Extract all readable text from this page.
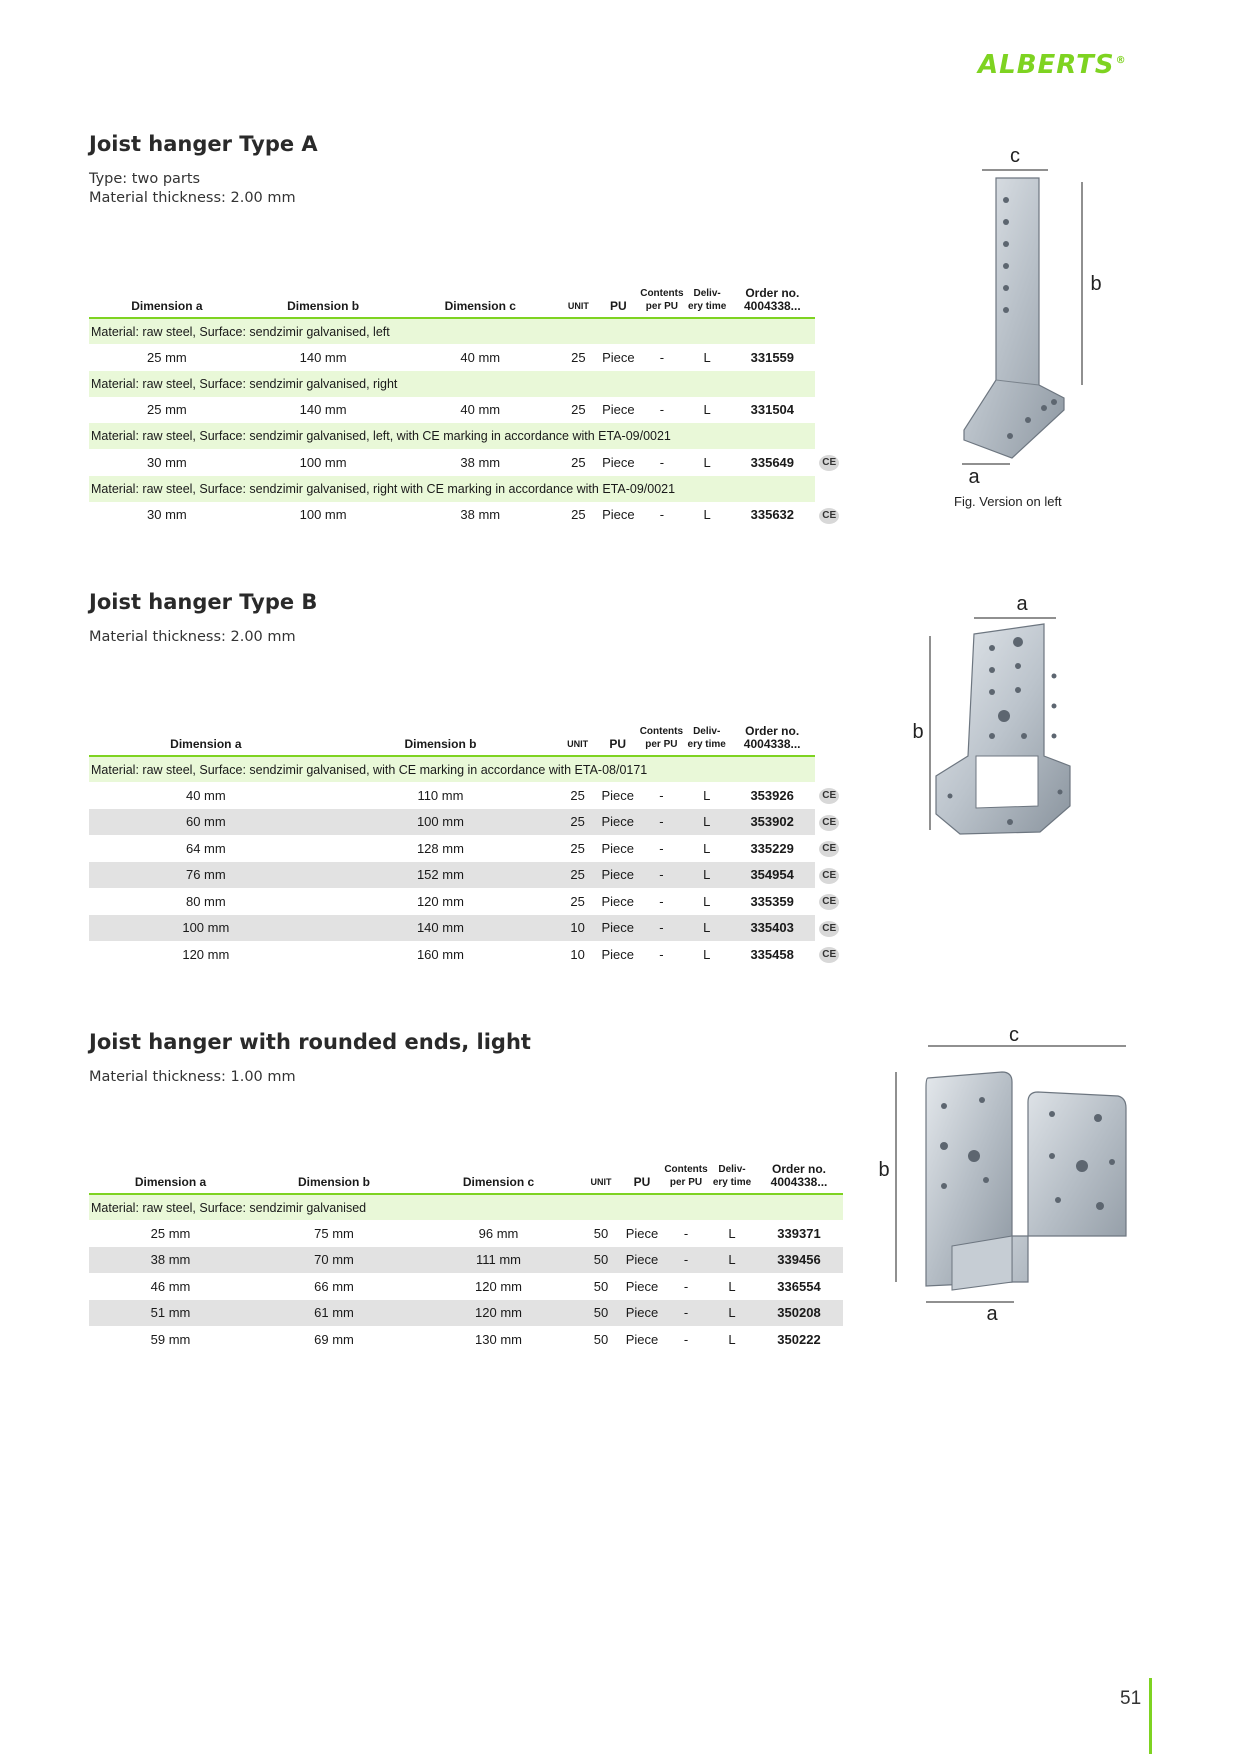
ALBERTS®
Joist hanger Type A
Type: two parts
Material thickness: 2.00 mm
Dimension a	Dimension b	Dimension c	UNIT	PU	Contents
per PU	Deliv-
ery time	Order no.
4004338...	

Material: raw steel, Surface: sendzimir galvanised, left								
25 mm	140 mm	40 mm	25	Piece	-	L	331559	
Material: raw steel, Surface: sendzimir galvanised, right								
25 mm	140 mm	40 mm	25	Piece	-	L	331504	
Material: raw steel, Surface: sendzimir galvanised, left, with CE marking in accordance with ETA-09/0021								
30 mm	100 mm	38 mm	25	Piece	-	L	335649	CE
Material: raw steel, Surface: sendzimir galvanised, right with CE marking in accordance with ETA-09/0021								
30 mm	100 mm	38 mm	25	Piece	-	L	335632	CE
c
b
a
Fig. Version on left
Joist hanger Type B
Material thickness: 2.00 mm
Dimension a	Dimension b	UNIT	PU	Contents
per PU	Deliv-
ery time	Order no.
4004338...	

Material: raw steel, Surface: sendzimir galvanised, with CE marking in accordance with ETA-08/0171							
40 mm	110 mm	25	Piece	-	L	353926	CE
60 mm	100 mm	25	Piece	-	L	353902	CE
64 mm	128 mm	25	Piece	-	L	335229	CE
76 mm	152 mm	25	Piece	-	L	354954	CE
80 mm	120 mm	25	Piece	-	L	335359	CE
100 mm	140 mm	10	Piece	-	L	335403	CE
120 mm	160 mm	10	Piece	-	L	335458	CE
a
b
Joist hanger with rounded ends, light
Material thickness: 1.00 mm
Dimension a	Dimension b	Dimension c	UNIT	PU	Contents
per PU	Deliv-
ery time	Order no.
4004338...

Material: raw steel, Surface: sendzimir galvanised							
25 mm	75 mm	96 mm	50	Piece	-	L	339371
38 mm	70 mm	111 mm	50	Piece	-	L	339456
46 mm	66 mm	120 mm	50	Piece	-	L	336554
51 mm	61 mm	120 mm	50	Piece	-	L	350208
59 mm	69 mm	130 mm	50	Piece	-	L	350222
c
b
a
51
